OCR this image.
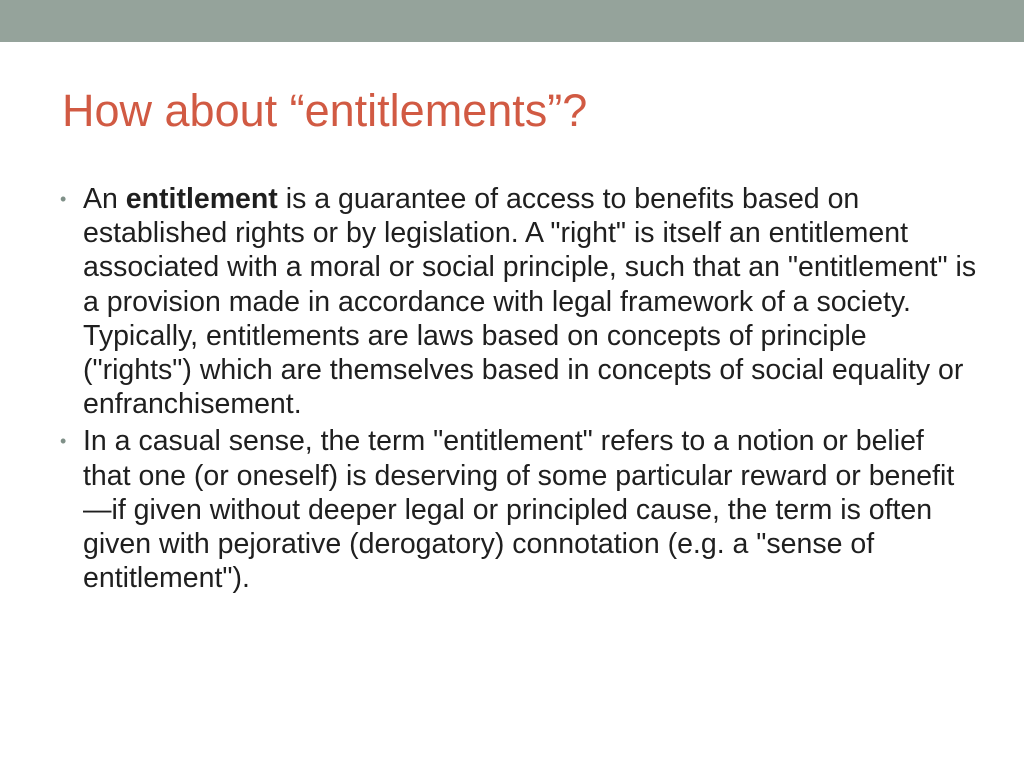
How about “entitlements”?
• An entitlement is a guarantee of access to benefits based on established rights or by legislation. A "right" is itself an entitlement associated with a moral or social principle, such that an "entitlement" is a provision made in accordance with legal framework of a society. Typically, entitlements are laws based on concepts of principle ("rights") which are themselves based in concepts of social equality or enfranchisement.
• In a casual sense, the term "entitlement" refers to a notion or belief that one (or oneself) is deserving of some particular reward or benefit—if given without deeper legal or principled cause, the term is often given with pejorative (derogatory) connotation (e.g. a "sense of entitlement").
